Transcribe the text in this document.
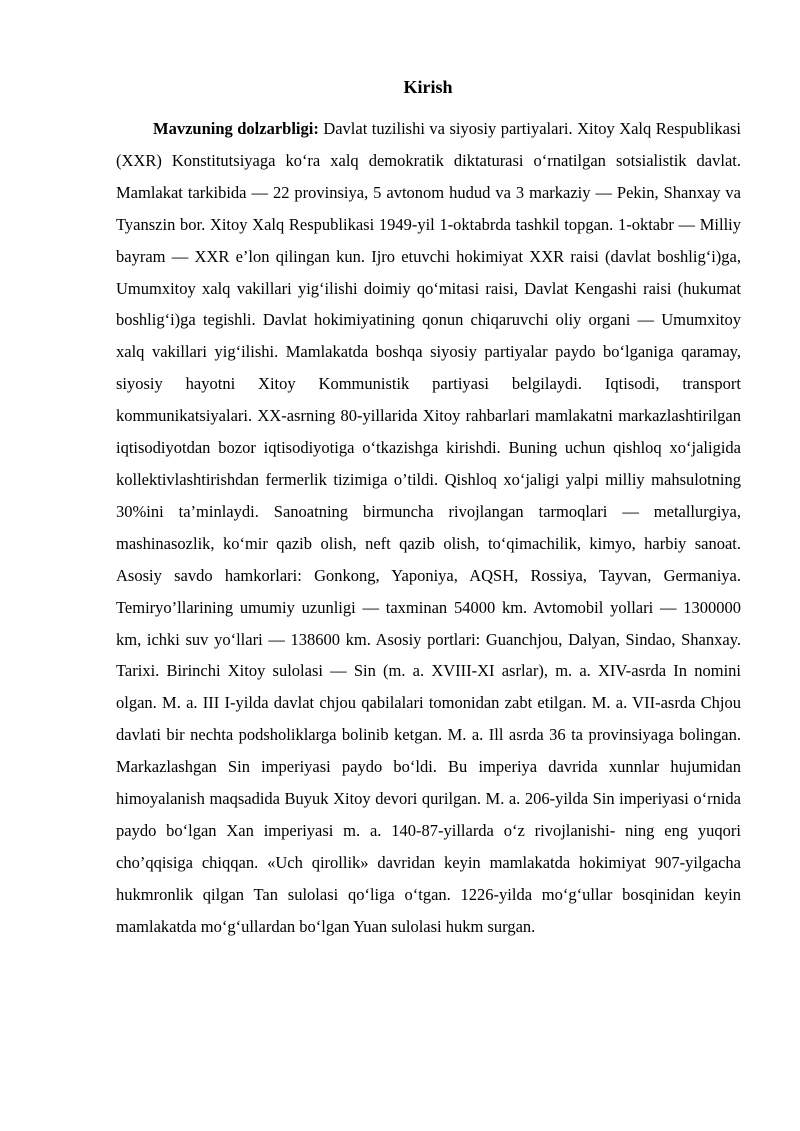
Kirish

Mavzuning dolzarbligi: Davlat tuzilishi va siyosiy partiyalari. Xitoy Xalq Respublikasi (XXR) Konstitutsiyaga koʻra xalq demokratik diktaturasi oʻrnatilgan sotsialistik davlat. Mamlakat tarkibida — 22 provinsiya, 5 avtonom hudud va 3 markaziy — Pekin, Shanxay va Tyanszin bor. Xitoy Xalq Respublikasi 1949-yil 1-oktabrda tashkil topgan. 1-oktabr — Milliy bayram — XXR e’lon qilingan kun. Ijro etuvchi hokimiyat XXR raisi (davlat boshligʻi)ga, Umumxitoy xalq vakillari yigʻilishi doimiy qoʻmitasi raisi, Davlat Kengashi raisi (hukumat boshligʻi)ga tegishli. Davlat hokimiyatining qonun chiqaruvchi oliy organi — Umumxitoy xalq vakillari yigʻilishi. Mamlakatda boshqa siyosiy partiyalar paydo boʻlganiga qaramay, siyosiy hayotni Xitoy Kommunistik partiyasi belgilaydi. Iqtisodi, transport kommunikatsiyalari. XX-asrning 80-yillarida Xitoy rahbarlari mamlakatni markazlashtirilgan iqtisodiyotdan bozor iqtisodiyotiga oʻtkazishga kirishdi. Buning uchun qishloq xoʻjaligida kollektivlashtirishdan fermerlik tizimiga o’tildi. Qishloq xoʻjaligi yalpi milliy mahsulotning 30%ini ta’minlaydi. Sanoatning birmuncha rivojlangan tarmoqlari — metallurgiya, mashinasozlik, koʻmir qazib olish, neft qazib olish, toʻqimachilik, kimyo, harbiy sanoat. Asosiy savdo hamkorlari: Gonkong, Yaponiya, AQSH, Rossiya, Tayvan, Germaniya. Temiryo’llarining umumiy uzunligi — taxminan 54000 km. Avtomobil yollari — 1300000 km, ichki suv yoʻllari — 138600 km. Asosiy portlari: Guanchjou, Dalyan, Sindao, Shanxay. Tarixi. Birinchi Xitoy sulolasi — Sin (m. a. XVIII-XI asrlar), m. a. XIV-asrda In nomini olgan. M. a. III I-yilda davlat chjou qabilalari tomonidan zabt etilgan. M. a. VII-asrda Chjou davlati bir nechta podsholiklarga bolinib ketgan. M. a. Ill asrda 36 ta provinsiyaga bolingan. Markazlashgan Sin imperiyasi paydo boʻldi. Bu imperiya davrida xunnlar hujumidan himoyalanish maqsadida Buyuk Xitoy devori qurilgan. M. a. 206-yilda Sin imperiyasi oʻrnida paydo boʻlgan Xan imperiyasi m. a. 140-87-yillarda oʻz rivojlanishi- ning eng yuqori cho’qqisiga chiqqan. «Uch qirollik» davridan keyin mamlakatda hokimiyat 907-yilgacha hukmronlik qilgan Tan sulolasi qoʻliga oʻtgan. 1226-yilda moʻgʻullar bosqinidan keyin mamlakatda moʻgʻullardan boʻlgan Yuan sulolasi hukm surgan.
